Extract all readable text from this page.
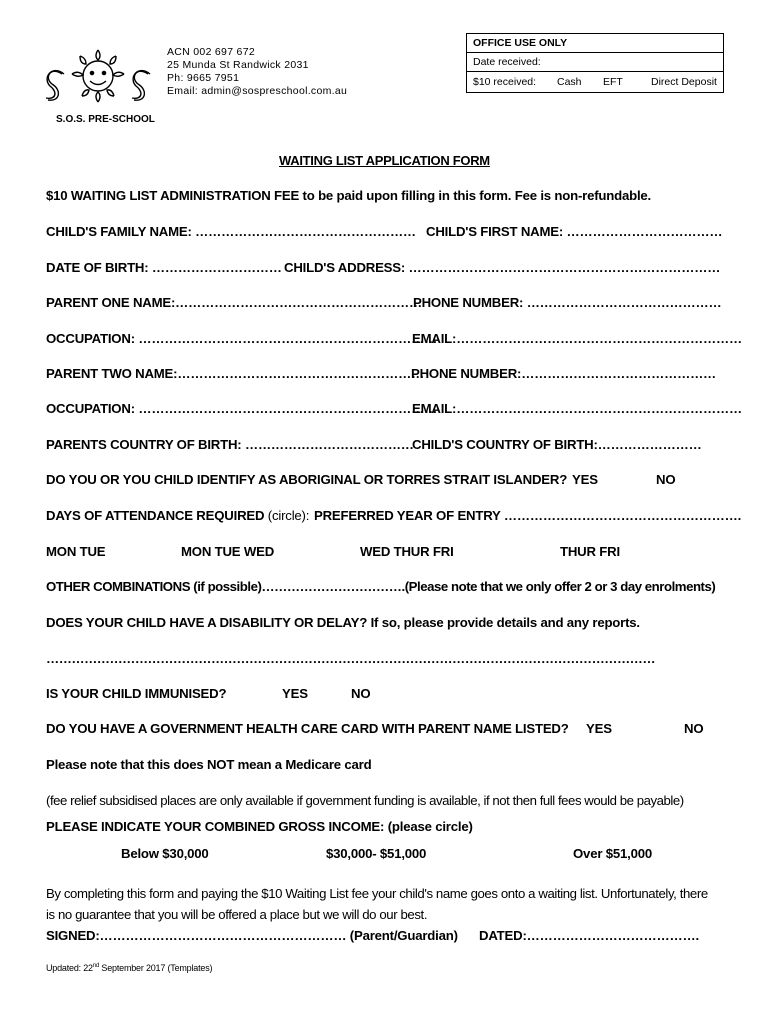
S.O.S. PRE-SCHOOL
ACN 002 697 672
25 Munda St Randwick 2031
Ph: 9665 7951
Email: admin@sospreschool.com.au
OFFICE USE ONLY
Date received:
$10 received: Cash EFT	Direct Deposit
WAITING LIST APPLICATION FORM
$10 WAITING LIST ADMINISTRATION FEE to be paid upon filling in this form. Fee is non-refundable.
CHILD'S FAMILY NAME: …………………………………………… CHILD'S FIRST NAME: ………………………………
DATE OF BIRTH: ………………………… CHILD'S ADDRESS: ………………………………………………………………
PARENT ONE NAME:…………………………………………………
PHONE NUMBER: ………………………………………
OCCUPATION: ……………………………………………………………
EMAIL:…………………………………………………………
PARENT TWO NAME:…………………………………………………
PHONE NUMBER:………………………………………
OCCUPATION: ……………………………………………………………
EMAIL:…………………………………………………………
PARENTS COUNTRY OF BIRTH: …………………………………
CHILD'S COUNTRY OF BIRTH:……………………
DO YOU OR YOU CHILD IDENTIFY AS ABORIGINAL OR TORRES STRAIT ISLANDER? YES	NO
DAYS OF ATTENDANCE REQUIRED (circle): PREFERRED YEAR OF ENTRY ……………………………………………….
MON TUE	MON TUE WED	WED THUR FRI	THUR FRI
OTHER COMBINATIONS (if possible)…………………………….(Please note that we only offer 2 or 3 day enrolments)
DOES YOUR CHILD HAVE A DISABILITY OR DELAY? If so, please provide details and any reports.
………………………………………………………………………………………………………………………………
IS YOUR CHILD IMMUNISED?	YES	NO
DO YOU HAVE A GOVERNMENT HEALTH CARE CARD WITH PARENT NAME LISTED? YES	NO
Please note that this does NOT mean a Medicare card
(fee relief subsidised places are only available if government funding is available, if not then full fees would be payable)
PLEASE INDICATE YOUR COMBINED GROSS INCOME: (please circle)
Below $30,000	$30,000- $51,000	Over $51,000
By completing this form and paying the $10 Waiting List fee your child's name goes onto a waiting list. Unfortunately, there
is no guarantee that you will be offered a place but we will do our best.
SIGNED:………………………………………………… (Parent/Guardian) DATED:………………………………….
Updated: 22nd September 2017 (Templates)
